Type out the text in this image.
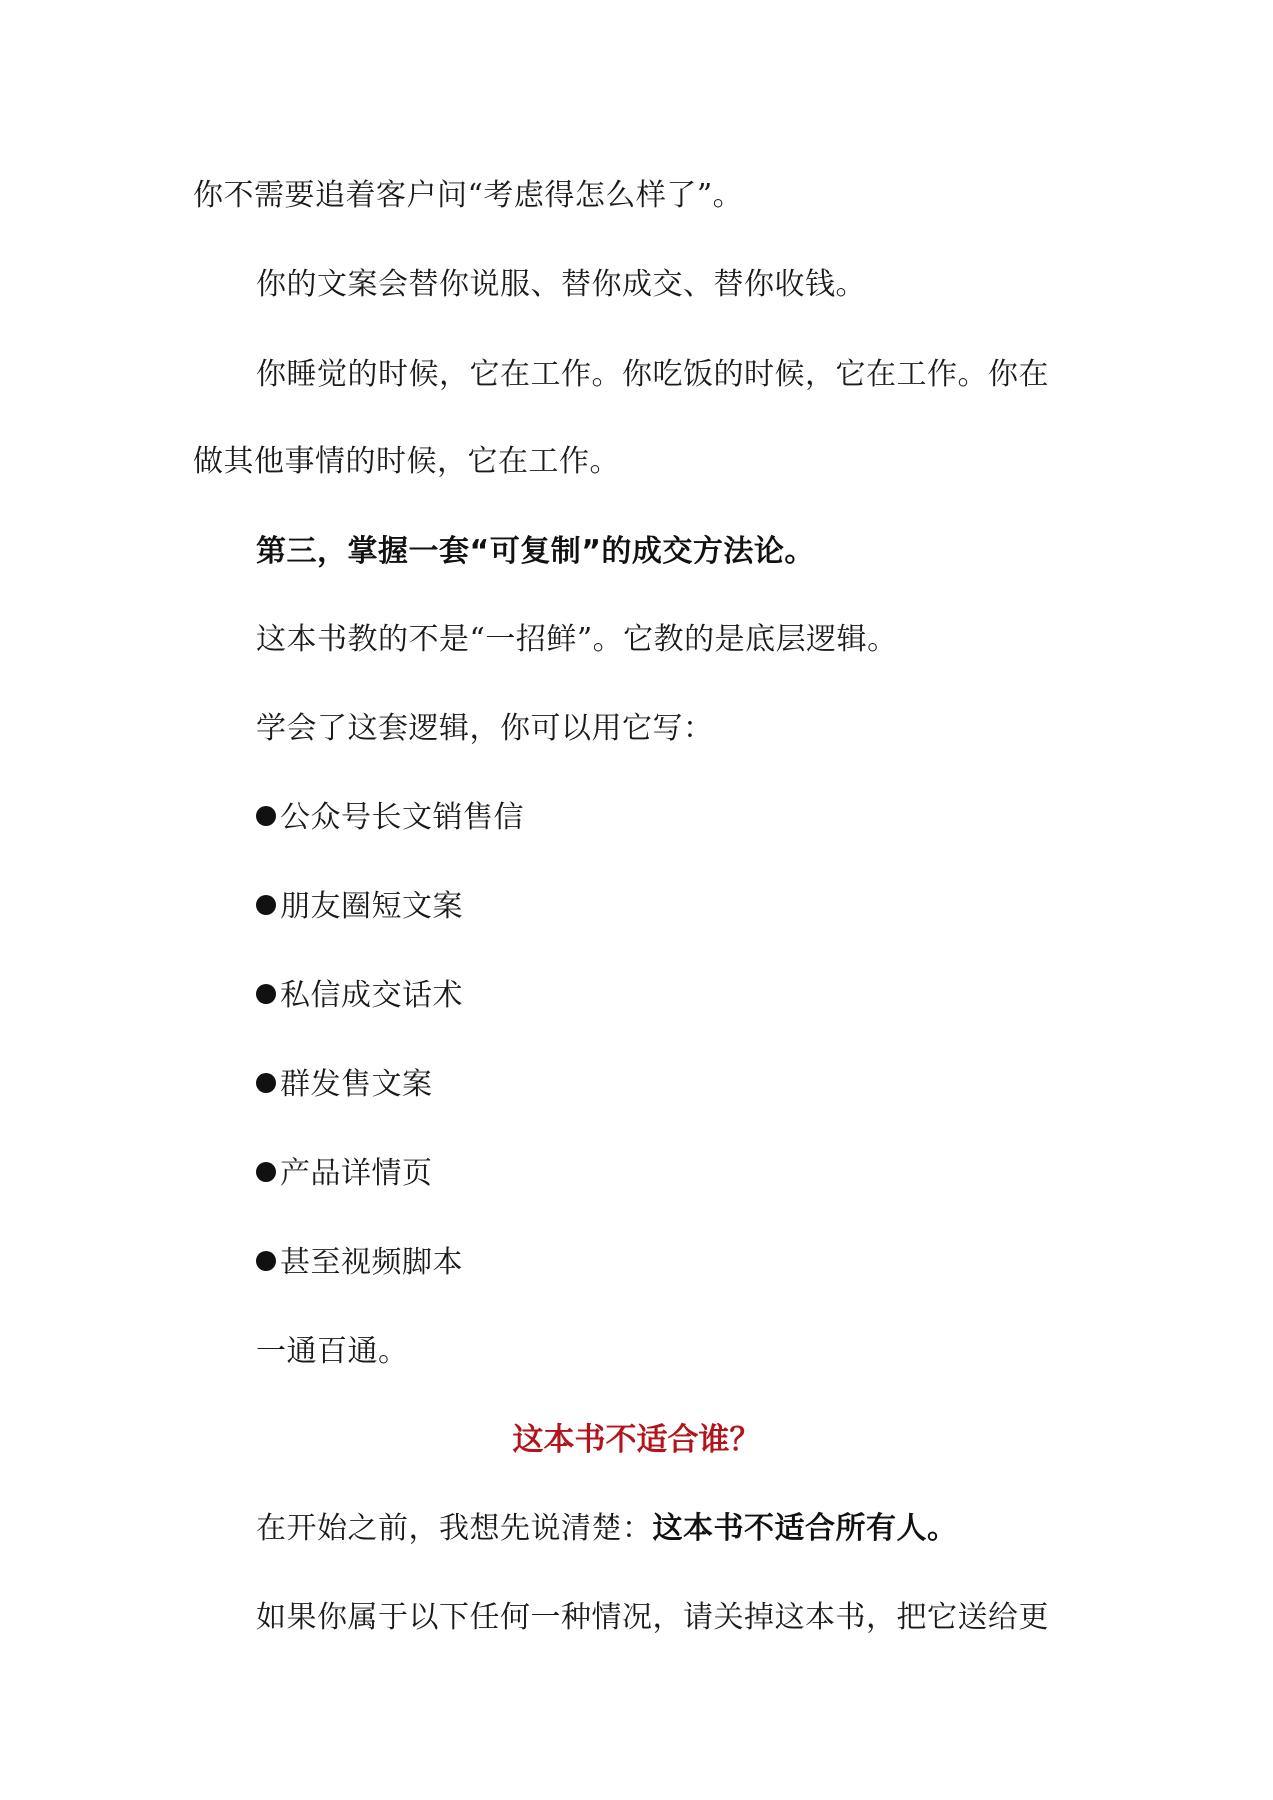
你不需要追着客户问“考虑得怎么样了”。
你的文案会替你说服、替你成交、替你收钱。
你睡觉的时候，它在工作。你吃饭的时候，它在工作。你在
做其他事情的时候，它在工作。
第三，掌握一套“可复制”的成交方法论。
这本书教的不是“一招鲜”。它教的是底层逻辑。
学会了这套逻辑，你可以用它写：
公众号长文销售信
朋友圈短文案
私信成交话术
群发售文案
产品详情页
甚至视频脚本
一通百通。
这本书不适合谁？
在开始之前，我想先说清楚：这本书不适合所有人。
如果你属于以下任何一种情况，请关掉这本书，把它送给更
